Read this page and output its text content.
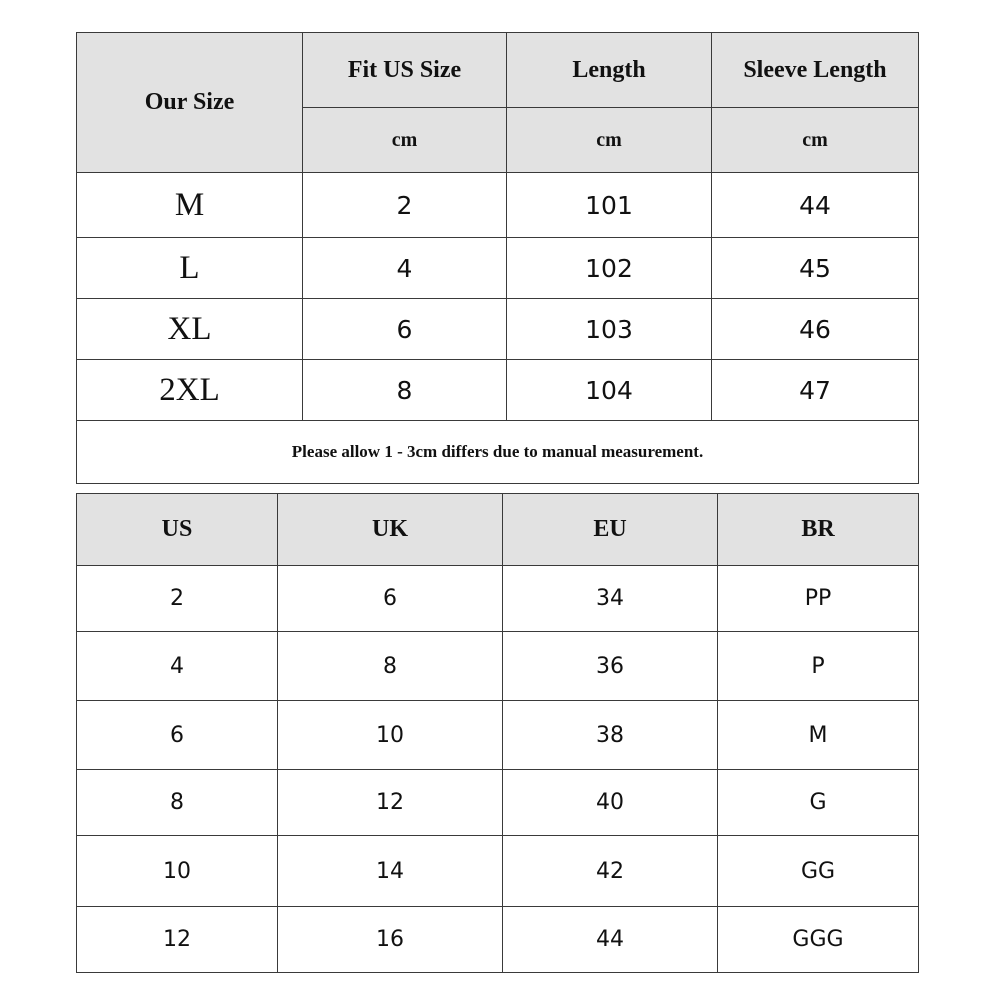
Our Size	Fit US Size	Length	Sleeve Length
	cm	cm	cm
M	2	101	44
L	4	102	45
XL	6	103	46
2XL	8	104	47
Please allow 1 - 3cm differs due to manual measurement.			
US	UK	EU	BR
2	6	34	PP
4	8	36	P
6	10	38	M
8	12	40	G
10	14	42	GG
12	16	44	GGG
